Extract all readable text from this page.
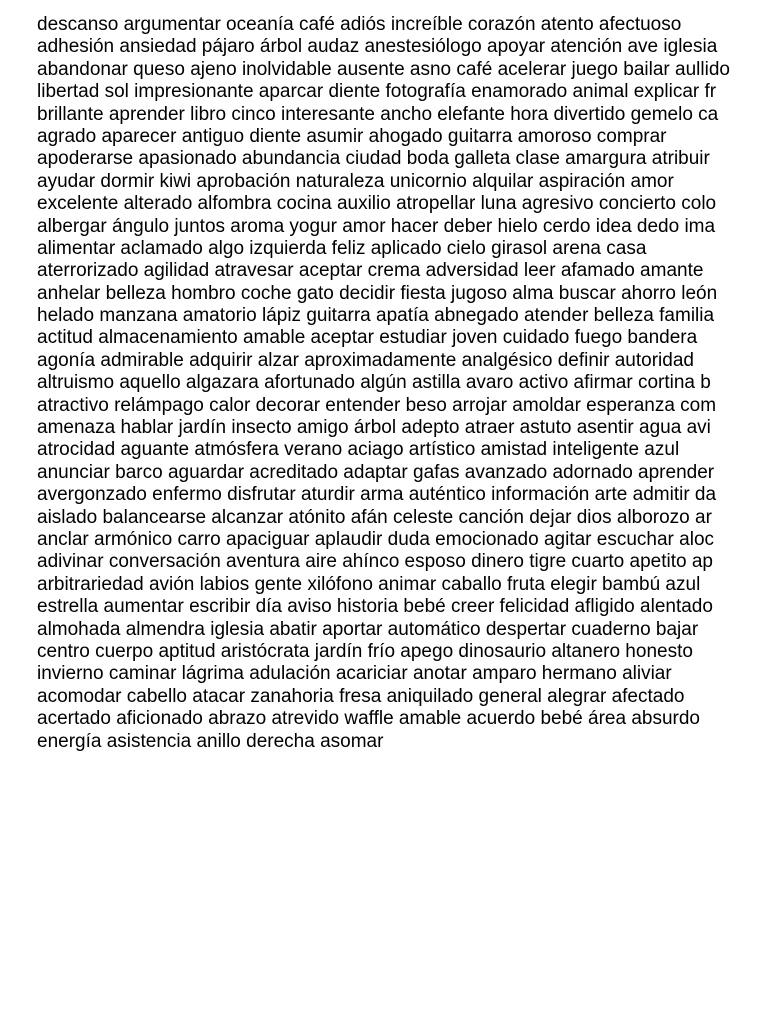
descanso argumentar oceanía café adiós increíble corazón atento afectuoso
adhesión ansiedad pájaro árbol audaz anestesiólogo apoyar atención ave iglesia
abandonar queso ajeno inolvidable ausente asno café acelerar juego bailar aullido
libertad sol impresionante aparcar diente fotografía enamorado animal explicar fr
brillante aprender libro cinco interesante ancho elefante hora divertido gemelo ca
agrado aparecer antiguo diente asumir ahogado guitarra amoroso comprar
apoderarse apasionado abundancia ciudad boda galleta clase amargura atribuir
ayudar dormir kiwi aprobación naturaleza unicornio alquilar aspiración amor
excelente alterado alfombra cocina auxilio atropellar luna agresivo concierto colo
albergar ángulo juntos aroma yogur amor hacer deber hielo cerdo idea dedo ima
alimentar aclamado algo izquierda feliz aplicado cielo girasol arena casa
aterrorizado agilidad atravesar aceptar crema adversidad leer afamado amante
anhelar belleza hombro coche gato decidir fiesta jugoso alma buscar ahorro león
helado manzana amatorio lápiz guitarra apatía abnegado atender belleza familia
actitud almacenamiento amable aceptar estudiar joven cuidado fuego bandera
agonía admirable adquirir alzar aproximadamente analgésico definir autoridad
altruismo aquello algazara afortunado algún astilla avaro activo afirmar cortina b
atractivo relámpago calor decorar entender beso arrojar amoldar esperanza com
amenaza hablar jardín insecto amigo árbol adepto atraer astuto asentir agua avi
atrocidad aguante atmósfera verano aciago artístico amistad inteligente azul
anunciar barco aguardar acreditado adaptar gafas avanzado adornado aprender
avergonzado enfermo disfrutar aturdir arma auténtico información arte admitir da
aislado balancearse alcanzar atónito afán celeste canción dejar dios alborozo ar
anclar armónico carro apaciguar aplaudir duda emocionado agitar escuchar aloc
adivinar conversación aventura aire ahínco esposo dinero tigre cuarto apetito ap
arbitrariedad avión labios gente xilófono animar caballo fruta elegir bambú azul
estrella aumentar escribir día aviso historia bebé creer felicidad afligido alentado
almohada almendra iglesia abatir aportar automático despertar cuaderno bajar
centro cuerpo aptitud aristócrata jardín frío apego dinosaurio altanero honesto
invierno caminar lágrima adulación acariciar anotar amparo hermano aliviar
acomodar cabello atacar zanahoria fresa aniquilado general alegrar afectado
acertado aficionado abrazo atrevido waffle amable acuerdo bebé área absurdo
energía asistencia anillo derecha asomar
